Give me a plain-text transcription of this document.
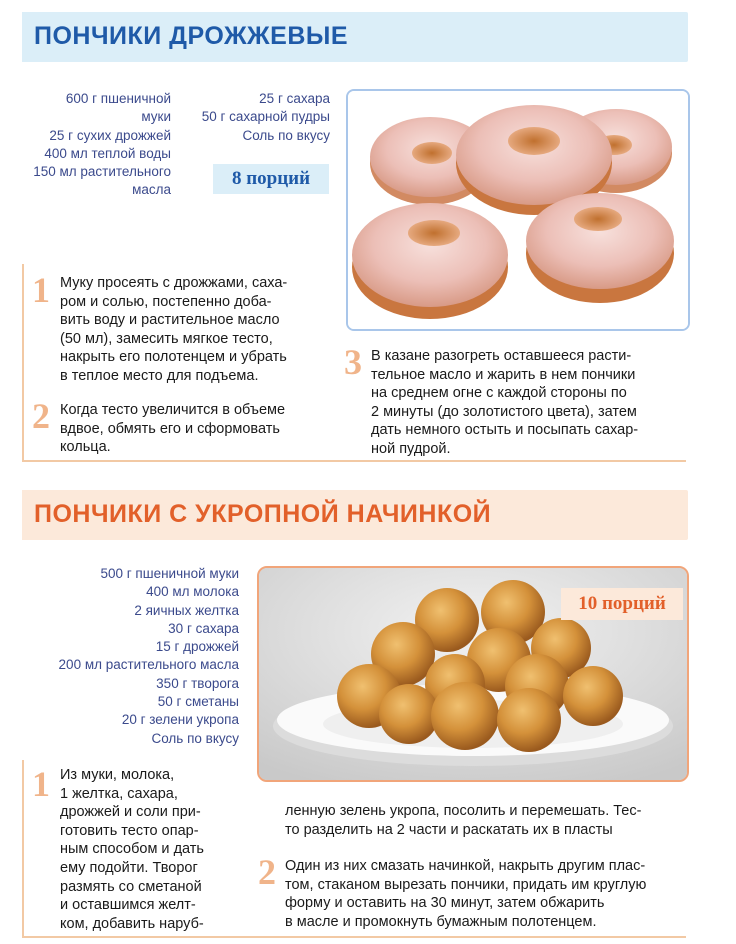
ПОНЧИКИ ДРОЖЖЕВЫЕ
600 г пшеничной
муки
25 г сухих дрожжей
400 мл теплой воды
150 мл растительного
масла
25 г сахара
50 г сахарной пудры
Соль по вкусу
8 порций
1 Муку просеять с дрожжами, саха-
ром и солью, постепенно доба-
вить воду и растительное масло
(50 мл), замесить мягкое тесто,
накрыть его полотенцем и убрать
в теплое место для подъема.
2 Когда тесто увеличится в объеме
вдвое, обмять его и сформовать
кольца.
3 В казане разогреть оставшееся расти-
тельное масло и жарить в нем пончики
на среднем огне с каждой стороны по
2 минуты (до золотистого цвета), затем
дать немного остыть и посыпать сахар-
ной пудрой.
ПОНЧИКИ С УКРОПНОЙ НАЧИНКОЙ
500 г пшеничной муки
400 мл молока
2 яичных желтка
30 г сахара
15 г дрожжей
200 мл растительного масла
350 г творога
50 г сметаны
20 г зелени укропа
Соль по вкусу
10 порций
1 Из муки, молока,
1 желтка, сахара,
дрожжей и соли при-
готовить тесто опар-
ным способом и дать
ему подойти. Творог
размять со сметаной
и оставшимся желт-
ком, добавить наруб-
ленную зелень укропа, посолить и перемешать. Тес-
то разделить на 2 части и раскатать их в пласты
2 Один из них смазать начинкой, накрыть другим плас-
том, стаканом вырезать пончики, придать им круглую
форму и оставить на 30 минут, затем обжарить
в масле и промокнуть бумажным полотенцем.
